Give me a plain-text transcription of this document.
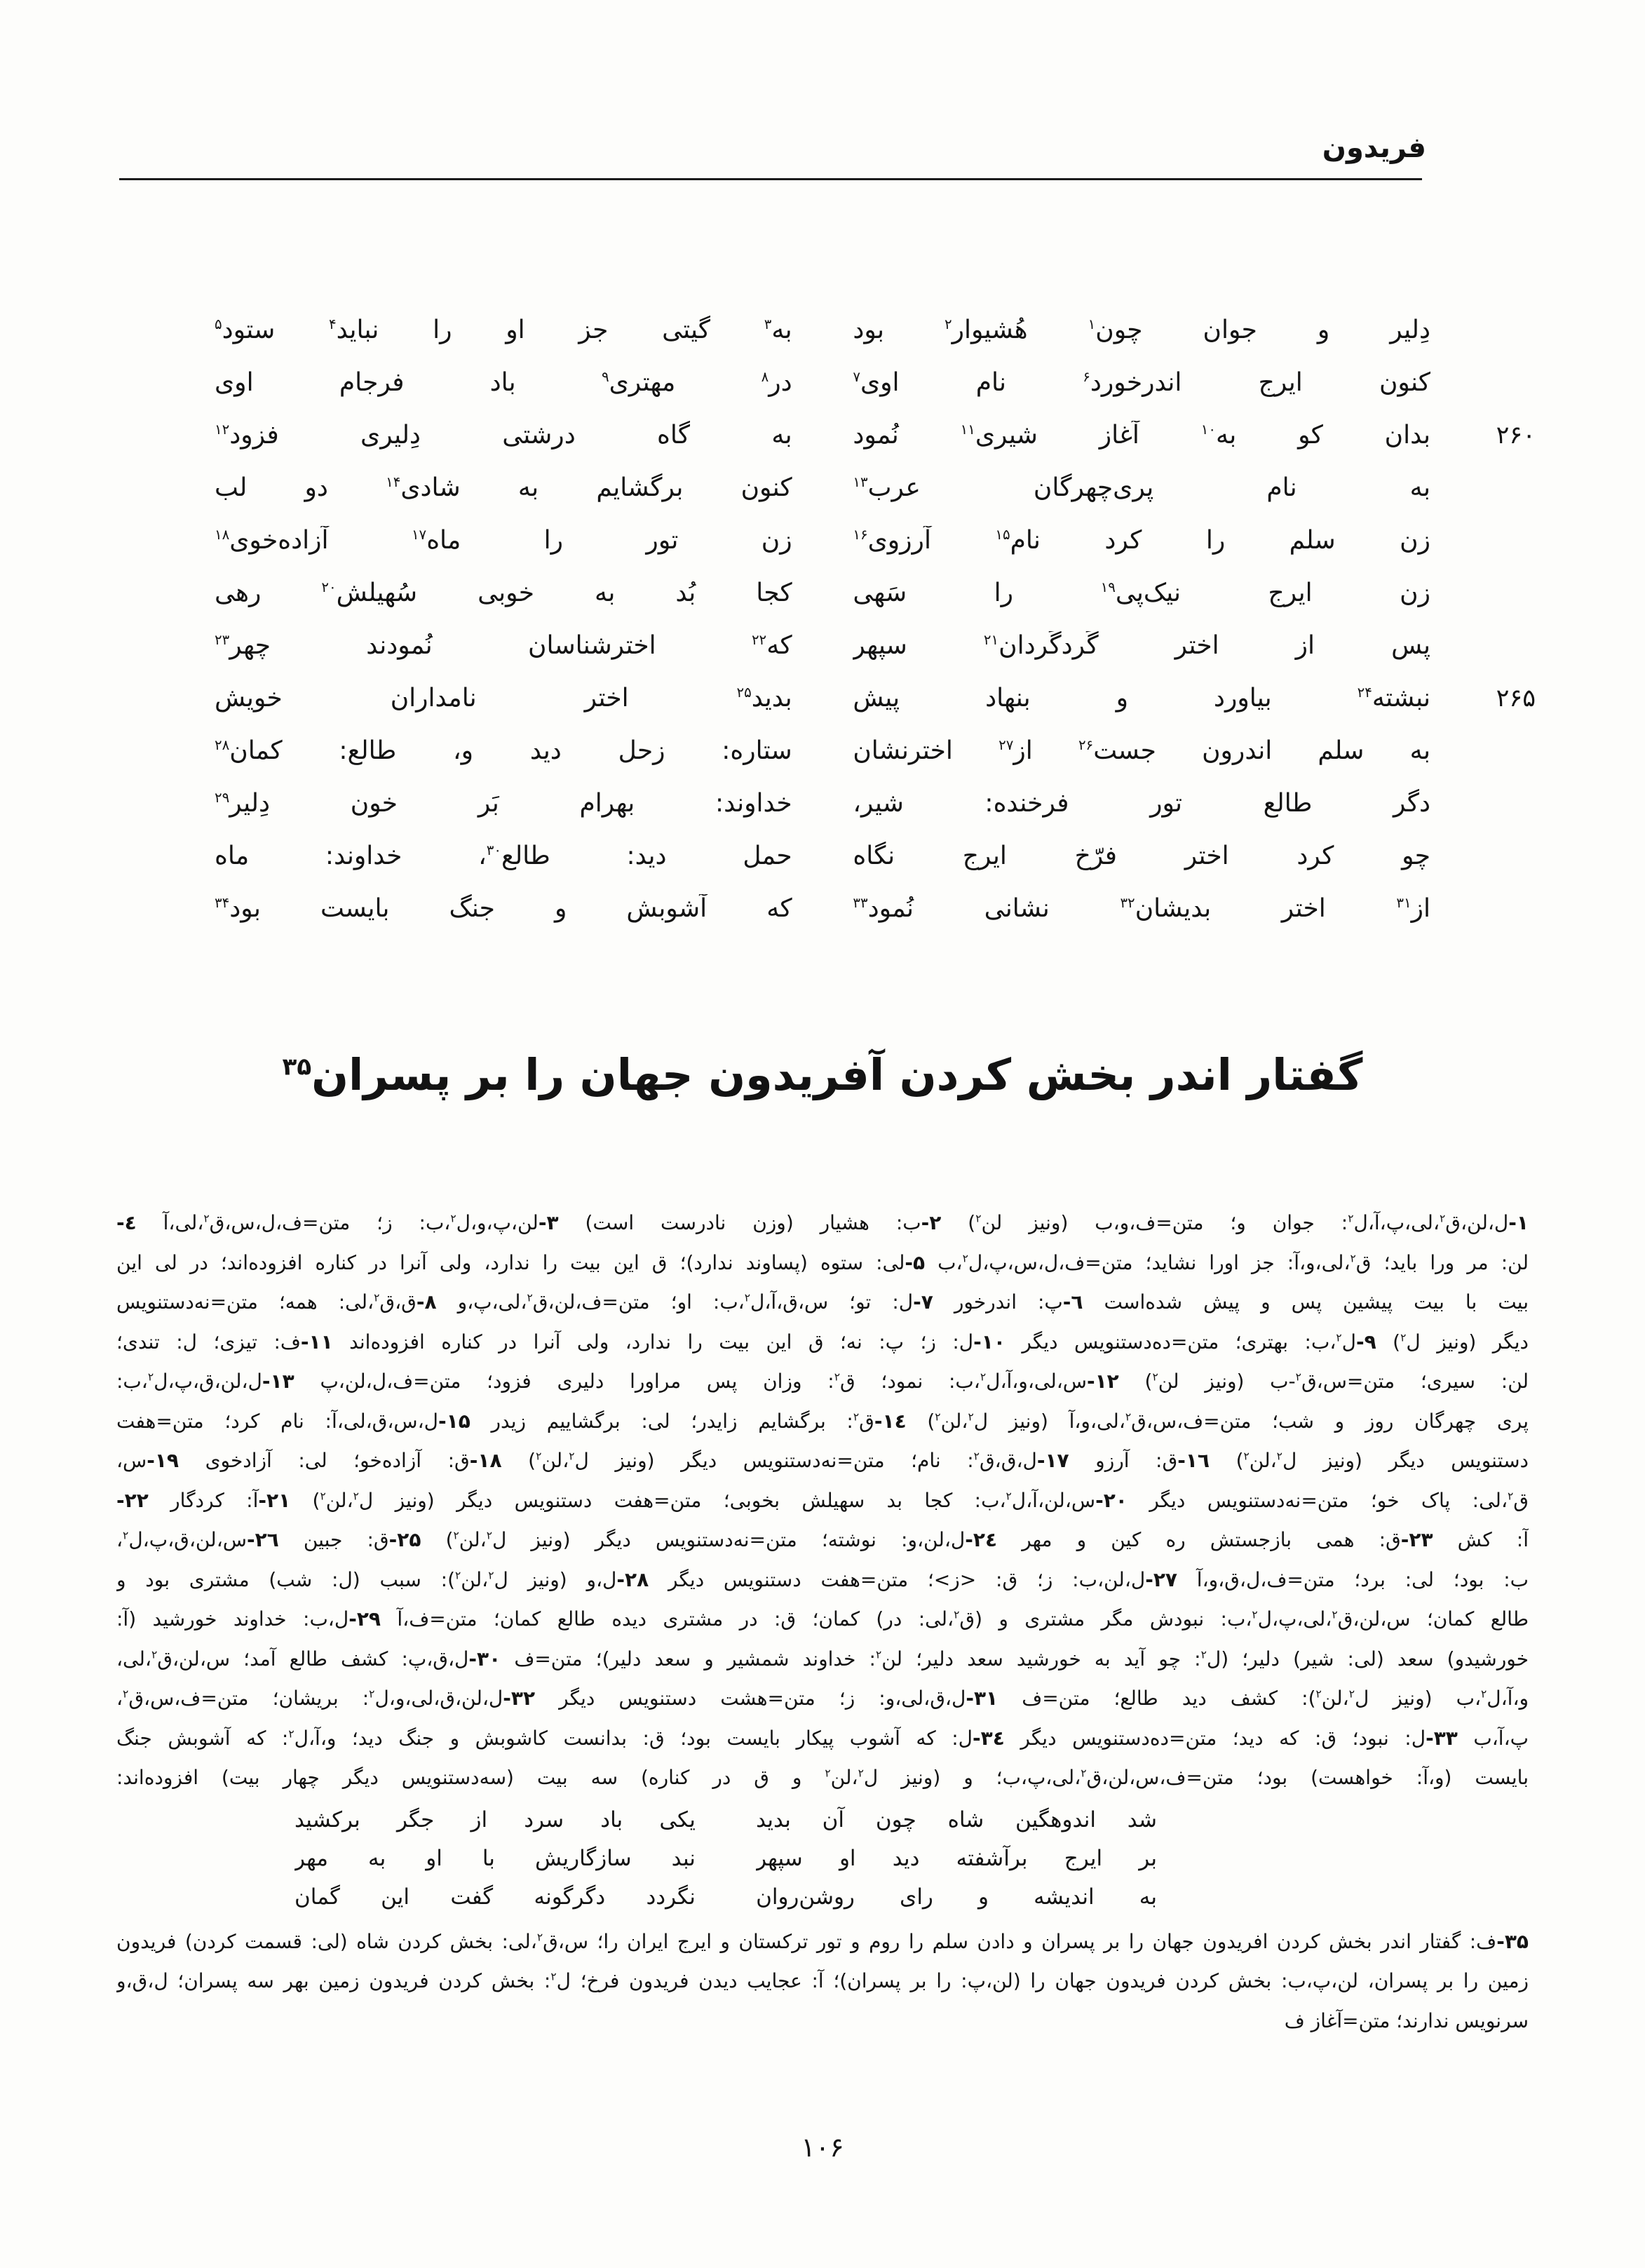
فریدون
دِلیر و جوان چون$^۱$ هُشیوار$^۲$ بود
به$^۳$ گیتی جز او را نباید$^۴$ ستود$^۵$
کنون ایرج اندرخورد$^۶$ نام اوی$^۷$
درِ$^۸$ مهتری$^۹$ باد فرجام اوی
۲۶۰
بدان کو به$^{۱۰}$ آغاز شیری$^{۱۱}$ نُمود
به گاه درشتی دِلیری فزود$^{۱۲}$
به نام پری‌چهرگان عرب$^{۱۳}$
کنون برگشایم به شادی$^{۱۴}$ دو لب
زن سلم را کرد نام$^{۱۵}$ آرزوی$^{۱۶}$
زن تور را ماه$^{۱۷}$ آزاده‌خوی$^{۱۸}$
زن ایرج نیک‌پی$^{۱۹}$ را سَهی
کجا بُد به خوبی سُهیلش$^{۲۰}$ رهی
پس از اختر گَردگَردان$^{۲۱}$ سپهر
که$^{۲۲}$ اخترشناسان نُمودند چهر$^{۲۳}$
۲۶۵
نبشته$^{۲۴}$ بیاورد و بنهاد پیش
بدید$^{۲۵}$ اختر نامداران خویش
به سلم اندرون جست$^{۲۶}$ از$^{۲۷}$ اخترنشان
ستاره: زحل دید و، طالع: کمان$^{۲۸}$
دگر طالع تور فرخنده: شیر،
خداوند: بهرامِ بَر خون دِلیر$^{۲۹}$
چو کرد اختر فرّخ ایرج نگاه
حمل دید: طالع$^{۳۰}$، خداوند: ماه
از$^{۳۱}$ اختر بدیشان$^{۳۲}$ نشانی نُمود$^{۳۳}$
که آشوبش و جنگ بایست بود$^{۳۴}$
گفتار اندر بخش کردن آفریدون جهان را بر پسران$^{۳۵}$
۱-ل،لن،ق$^۲$،لی،پ،آ،ل$^۲$: جوان و؛ متن=ف،و،ب (ونیز لن$^۲$) ۲-ب: هشیار (وزن نادرست است) ۳-لن،پ،و،ل$^۲$،ب: ز؛ متن=ف،ل،س،ق$^۲$،لی،آ ٤-
لن: مر ورا باید؛ ق$^۲$،لی،و،آ: جز اورا نشاید؛ متن=ف،ل،س،پ،ل$^۲$،ب ۵-لی: ستوه (پساوند ندارد)؛ ق این بیت را ندارد، ولی آنرا در کناره افزوده‌اند؛ در لی این
بیت با بیت پیشین پس و پیش شده‌است ٦-پ: اندرخور ۷-ل: تو؛ س،ق،آ،ل$^۲$،ب: او؛ متن=ف،لن،ق$^۲$،لی،پ،و ۸-ق،ق$^۲$،لی: همه؛ متن=نه‌دستنویس
دیگر (ونیز ل$^۲$) ۹-ل$^۲$،ب: بهتری؛ متن=ده‌دستنویس دیگر ۱۰-ل: ز؛ پ: نه؛ ق این بیت را ندارد، ولی آنرا در کناره افزوده‌اند ۱۱-ف: تیزی؛ ل: تندی؛
لن: سیری؛ متن=س،ق$^۲$-ب (ونیز لن$^۲$) ۱۲-س،لی،و،آ،ل$^۲$،ب: نمود؛ ق$^۲$: وزان پس مراورا دلیری فزود؛ متن=ف،ل،لن،پ ۱۳-ل،لن،ق،پ،ل$^۲$،ب:
پری چهرگان روز و شب؛ متن=ف،س،ق$^۲$،لی،و،آ (ونیز ل$^۲$،لن$^۲$) ۱٤-ق$^۲$: برگشایم زایدر؛ لی: برگشاییم زیدر ۱۵-ل،س،ق،لی،آ: نام کرد؛ متن=هفت
دستنویس دیگر (ونیز ل$^۲$،لن$^۲$) ۱٦-ق: آرزو ۱۷-ل،ق،ق$^۲$: نام؛ متن=نه‌دستنویس دیگر (ونیز ل$^۲$،لن$^۲$) ۱۸-ق: آزاده‌خو؛ لی: آزادخوی ۱۹-س،
ق$^۲$،لی: پاک خو؛ متن=نه‌دستنویس دیگر ۲۰-س،لن،آ،ل$^۲$،ب: کجا بد سهیلش بخوبی؛ متن=هفت دستنویس دیگر (ونیز ل$^۲$،لن$^۲$) ۲۱-آ: کردگار ۲۲-
آ: کش ۲۳-ق: همی بازجستش ره کین و مهر ۲٤-ل،لن،و: نوشته؛ متن=نه‌دستنویس دیگر (ونیز ل$^۲$،لن$^۲$) ۲۵-ق: جبین ۲٦-س،لن،ق،پ،ل$^۲$،
ب: بود؛ لی: برد؛ متن=ف،ل،ق،و،آ ۲۷-ل،لن،ب: ز؛ ق: <ز>؛ متن=هفت دستنویس دیگر ۲۸-ل،و (ونیز ل$^۲$،لن$^۲$): سبب (ل: شب) مشتری بود و
طالع کمان؛ س،لن،ق$^۲$،لی،پ،ل$^۲$،ب: نبودش مگر مشتری و (ق$^۲$،لی: در) کمان؛ ق: در مشتری دیده طالع کمان؛ متن=ف،آ ۲۹-ل،ب: خداوند خورشید (آ:
خورشیدو) سعد (لی: شیر) دلیر؛ (ل$^۲$: چو آید به خورشید سعد دلیر؛ لن$^۲$: خداوند شمشیر و سعد دلیر)؛ متن=ف ۳۰-ل،ق،پ: کشف طالع آمد؛ س،لن،ق$^۲$،لی،
و،آ،ل$^۲$،ب (ونیز ل$^۲$،لن$^۲$): کشف دید طالع؛ متن=ف ۳۱-ل،ق،لی،و: ز؛ متن=هشت دستنویس دیگر ۳۲-ل،لن،ق،لی،و،ل$^۲$: بریشان؛ متن=ف،س،ق$^۲$،
پ،آ،ب ۳۳-ل: نبود؛ ق: که دید؛ متن=ده‌دستنویس دیگر ۳٤-ل: که آشوب پیکار بایست بود؛ ق: بدانست کاشوبش و جنگ دید؛ و،آ،ل$^۲$: که آشوبش جنگ
بایست (و،آ: خواهست) بود؛ متن=ف،س،لن،ق$^۲$،لی،پ،ب؛ و (ونیز ل$^۲$،لن$^۲$ و ق در کناره) سه بیت (سه‌دستنویس دیگر چهار بیت) افزوده‌اند:
شد اندوهگین شاه چون آن بدید
یکی باد سرد از جگر برکشید
بر ایرج برآشفته دید او سپهر
نبد سازگاریش با او به مهر
به اندیشه و رای روشن‌روان
نگردد دگرگونه گفت این گمان
۳۵-ف: گفتار اندر بخش کردن افریدون جهان را بر پسران و دادن سلم را روم و تور ترکستان و ایرج ایران را؛ س،ق$^۲$،لی: بخش کردن شاه (لی: قسمت کردن) فریدون
زمین را بر پسران، لن،پ،ب: بخش کردن فریدون جهان را (لن،پ: را بر پسران)؛ آ: عجایب دیدن فریدون فرخ؛ ل$^۲$: بخش کردن فریدون زمین بهر سه پسران؛ ل،ق،و
سرنویس ندارند؛ متن=آغاز ف
۱۰۶
